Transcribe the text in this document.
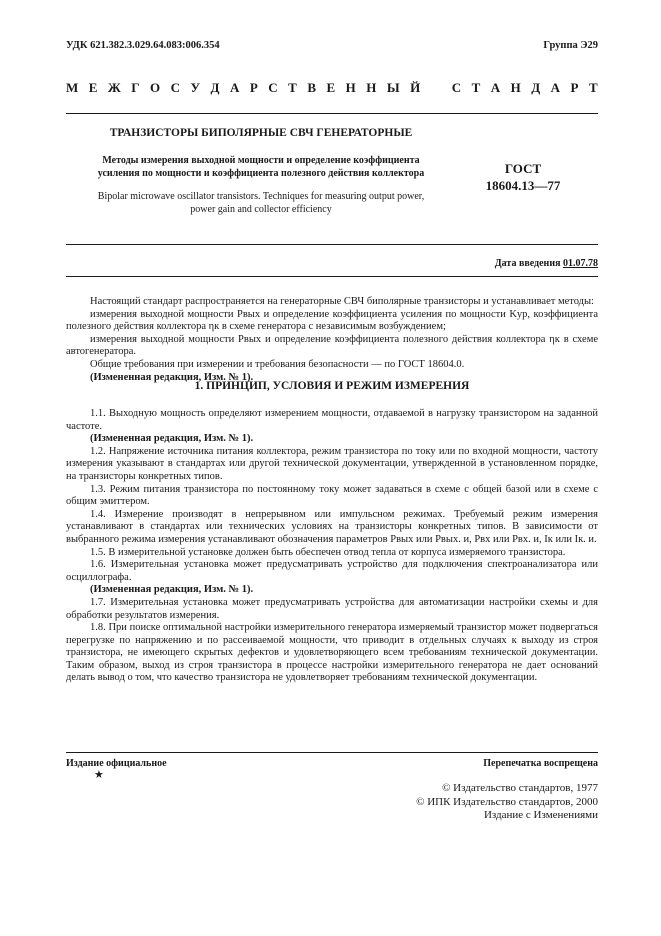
УДК 621.382.3.029.64.083:006.354	Группа Э29
М Е Ж Г О С У Д А Р С Т В Е Н Н Ы Й С Т А Н Д А Р Т
ТРАНЗИСТОРЫ БИПОЛЯРНЫЕ СВЧ ГЕНЕРАТОРНЫЕ
Методы измерения выходной мощности и определение коэффициента
усиления по мощности и коэффициента полезного действия коллектора
Bipolar microwave oscillator transistors. Techniques for measuring output power,
power gain and collector efficiency
ГОСТ
18604.13—77
Дата введения 01.07.78

Настоящий стандарт распространяется на генераторные СВЧ биполярные транзисторы и устанавливает методы:

измерения выходной мощности Pвых и определение коэффициента усиления по мощности Kур, коэффициента полезного действия коллектора ηк в схеме генератора с независимым возбуждением;

измерения выходной мощности Pвых и определение коэффициента полезного действия коллектора ηк в схеме автогенератора.

Общие требования при измерении и требования безопасности — по ГОСТ 18604.0.

(Измененная редакция, Изм. № 1).

1. ПРИНЦИП, УСЛОВИЯ И РЕЖИМ ИЗМЕРЕНИЯ

1.1. Выходную мощность определяют измерением мощности, отдаваемой в нагрузку транзистором на заданной частоте.

(Измененная редакция, Изм. № 1).

1.2. Напряжение источника питания коллектора, режим транзистора по току или по входной мощности, частоту измерения указывают в стандартах или другой технической документации, утвержденной в установленном порядке, на транзисторы конкретных типов.

1.3. Режим питания транзистора по постоянному току может задаваться в схеме с общей базой или в схеме с общим эмиттером.

1.4. Измерение производят в непрерывном или импульсном режимах. Требуемый режим измерения устанавливают в стандартах или технических условиях на транзисторы конкретных типов. В зависимости от выбранного режима измерения устанавливают обозначения параметров Pвых или Pвых. и, Pвх или Pвх. и, Iк или Iк. и.

1.5. В измерительной установке должен быть обеспечен отвод тепла от корпуса измеряемого транзистора.

1.6. Измерительная установка может предусматривать устройство для подключения спектроанализатора или осциллографа.

(Измененная редакция, Изм. № 1).

1.7. Измерительная установка может предусматривать устройства для автоматизации настройки схемы и для обработки результатов измерения.

1.8. При поиске оптимальной настройки измерительного генератора измеряемый транзистор может подвергаться перегрузке по напряжению и по рассеиваемой мощности, что приводит в отдельных случаях к выходу из строя транзистора, не имеющего скрытых дефектов и удовлетворяющего всем требованиям технической документации. Таким образом, выход из строя транзистора в процессе настройки измерительного генератора не дает оснований делать вывод о том, что качество транзистора не удовлетворяет требованиям технической документации.

Издание официальное
★
Перепечатка воспрещена
© Издательство стандартов, 1977
© ИПК Издательство стандартов, 2000
Издание с Изменениями
